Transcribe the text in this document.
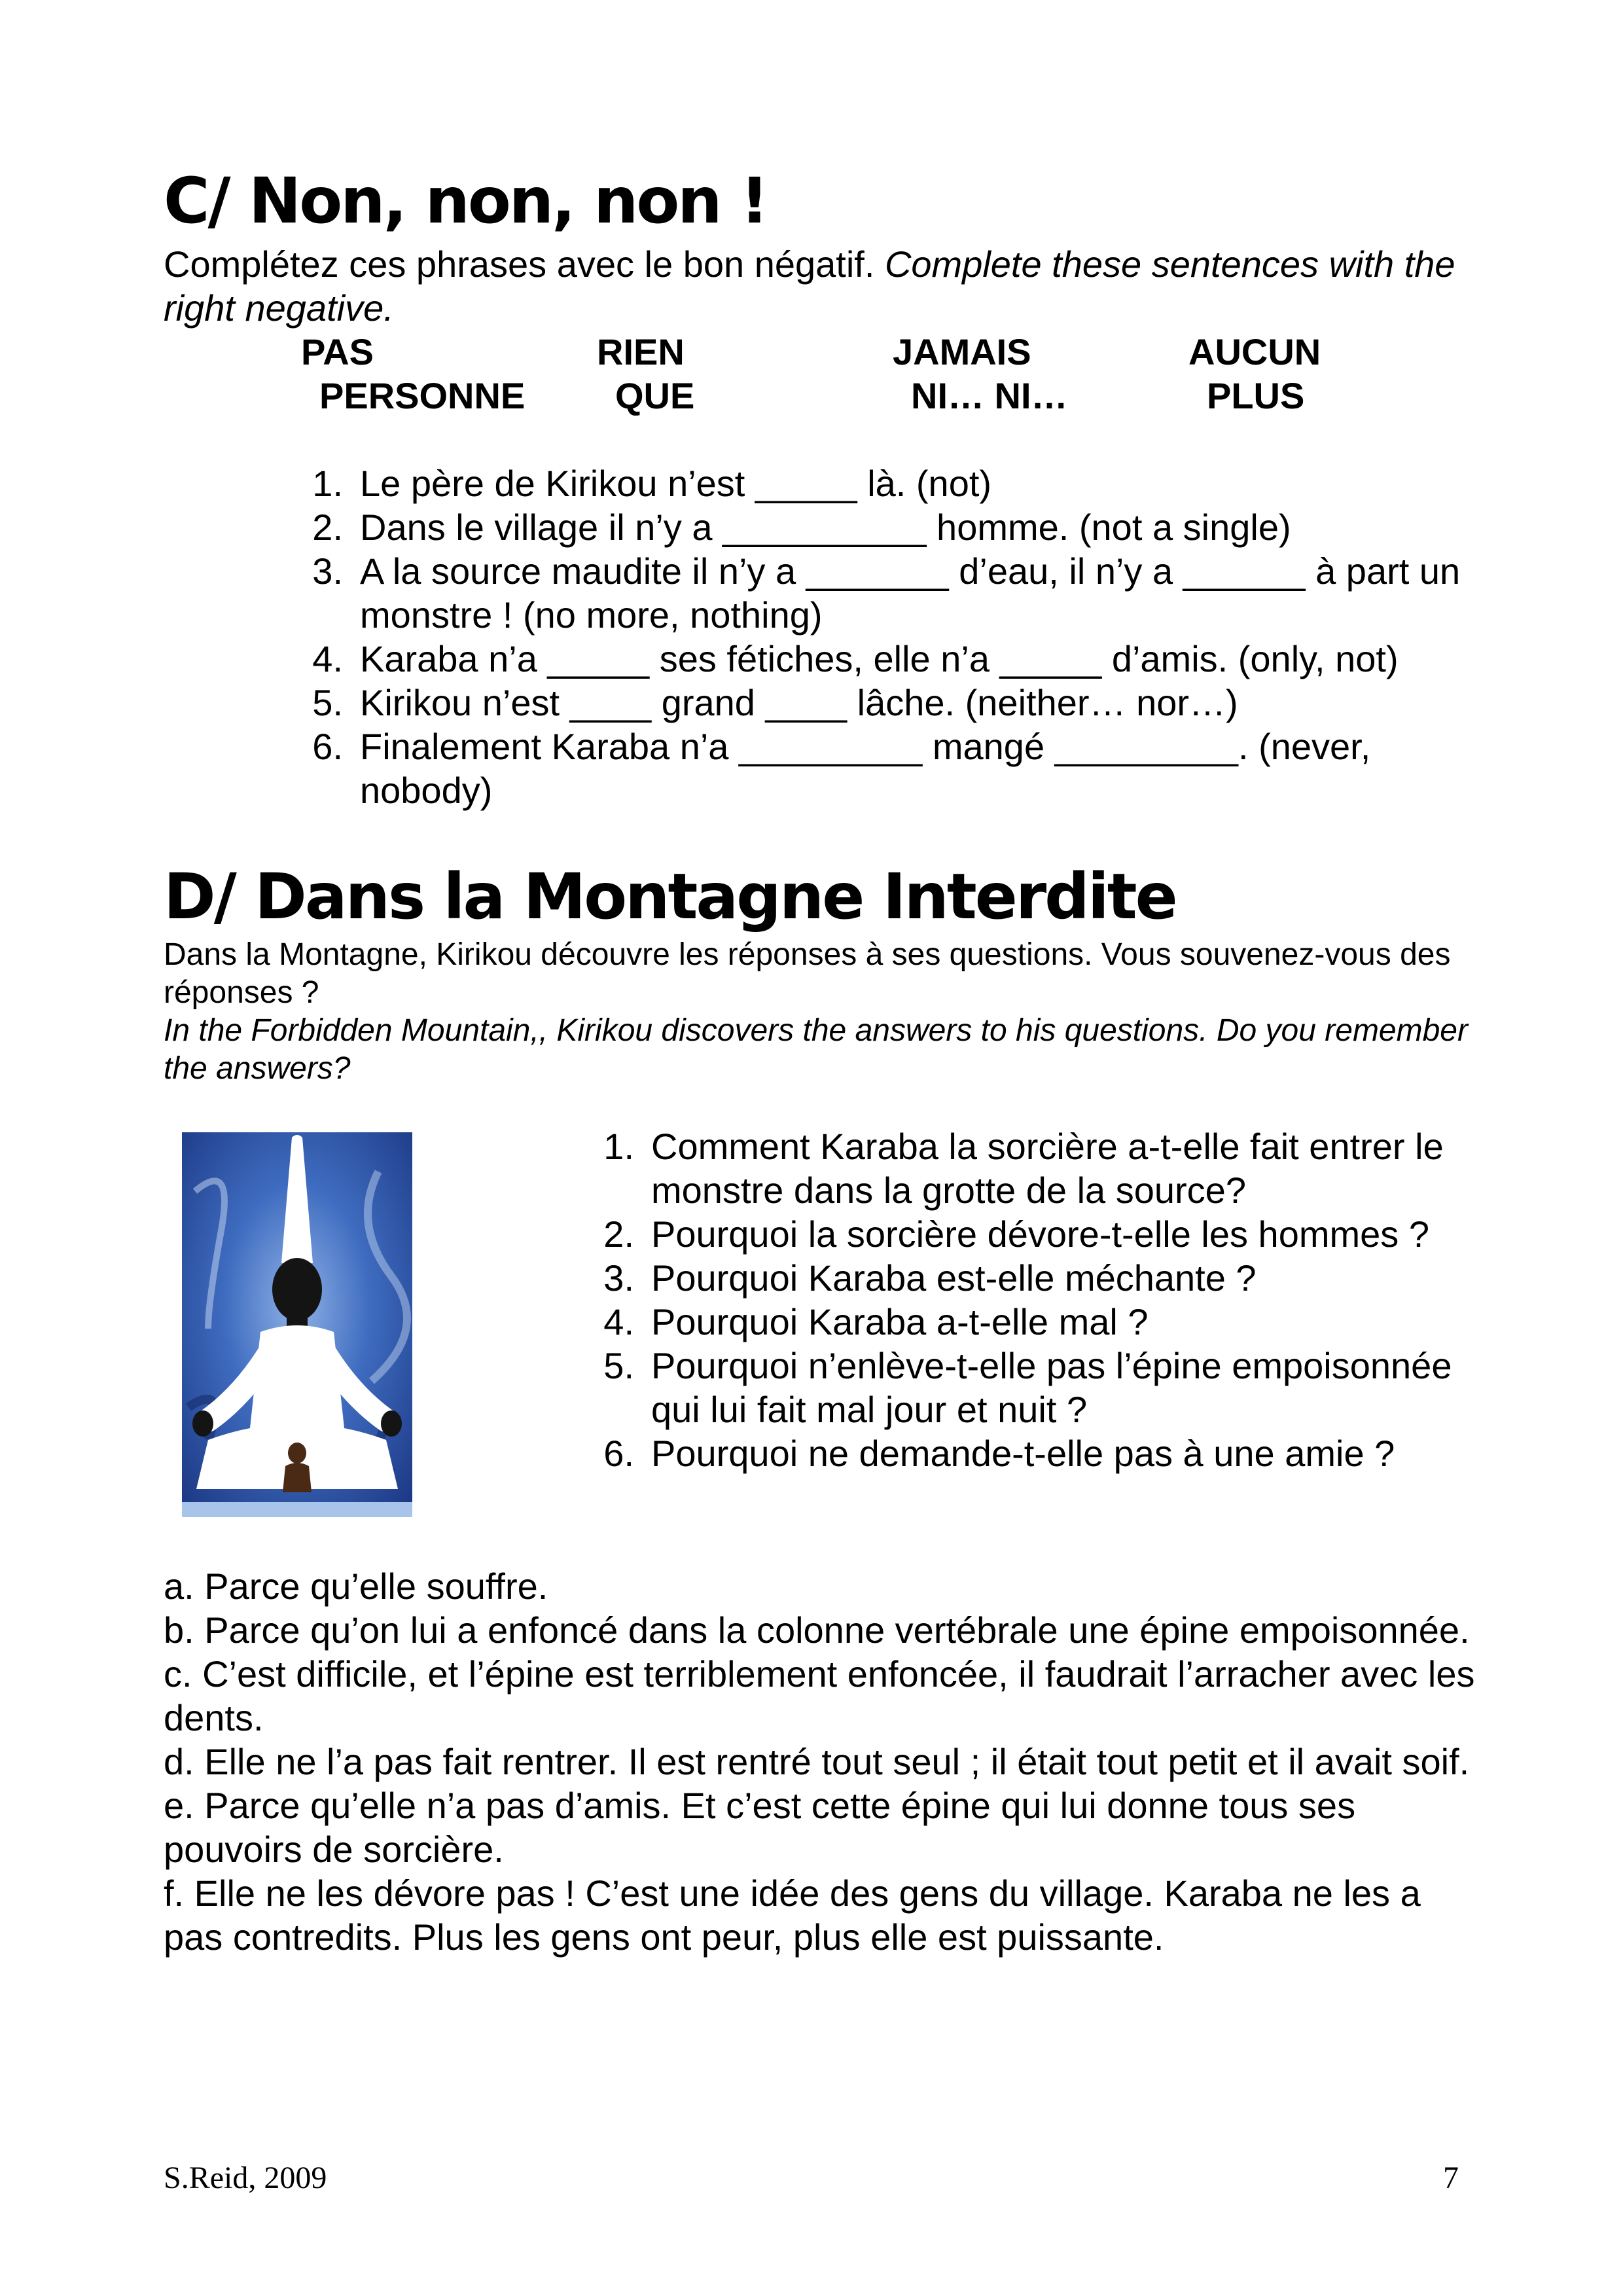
C/ Non, non, non !

Complétez ces phrases avec le bon négatif. Complete these sentences with the right negative.

PAS	RIEN	JAMAIS	AUCUN
PERSONNE	QUE	NI… NI…	PLUS
1. Le père de Kirikou n’est _____ là. (not)
2. Dans le village il n’y a __________ homme. (not a single)
3. A la source maudite il n’y a _______ d’eau, il n’y a ______ à part un monstre ! (no more, nothing)
4. Karaba n’a _____ ses fétiches, elle n’a _____ d’amis. (only, not)
5. Kirikou n’est ____ grand ____ lâche. (neither… nor…)
6. Finalement Karaba n’a _________ mangé _________. (never, nobody)
D/ Dans la Montagne Interdite

Dans la Montagne, Kirikou découvre les réponses à ses questions. Vous souvenez-vous des réponses ?

In the Forbidden Mountain,, Kirikou discovers the answers to his questions. Do you remember the answers?

1. Comment Karaba la sorcière a-t-elle fait entrer le monstre dans la grotte de la source?
2. Pourquoi la sorcière dévore-t-elle les hommes ?
3. Pourquoi Karaba est-elle méchante ?
4. Pourquoi Karaba a-t-elle mal ?
5. Pourquoi n’enlève-t-elle pas l’épine empoisonnée qui lui fait mal jour et nuit ?
6. Pourquoi ne demande-t-elle pas à une amie ?
a. Parce qu’elle souffre.
b. Parce qu’on lui a enfoncé dans la colonne vertébrale une épine empoisonnée.
c. C’est difficile, et l’épine est terriblement enfoncée, il faudrait l’arracher avec les dents.
d. Elle ne l’a pas fait rentrer. Il est rentré tout seul ; il était tout petit et il avait soif.
e. Parce qu’elle n’a pas d’amis. Et c’est cette épine qui lui donne tous ses pouvoirs de sorcière.
f. Elle ne les dévore pas ! C’est une idée des gens du village. Karaba ne les a pas contredits. Plus les gens ont peur, plus elle est puissante.
S.Reid, 2009	7
